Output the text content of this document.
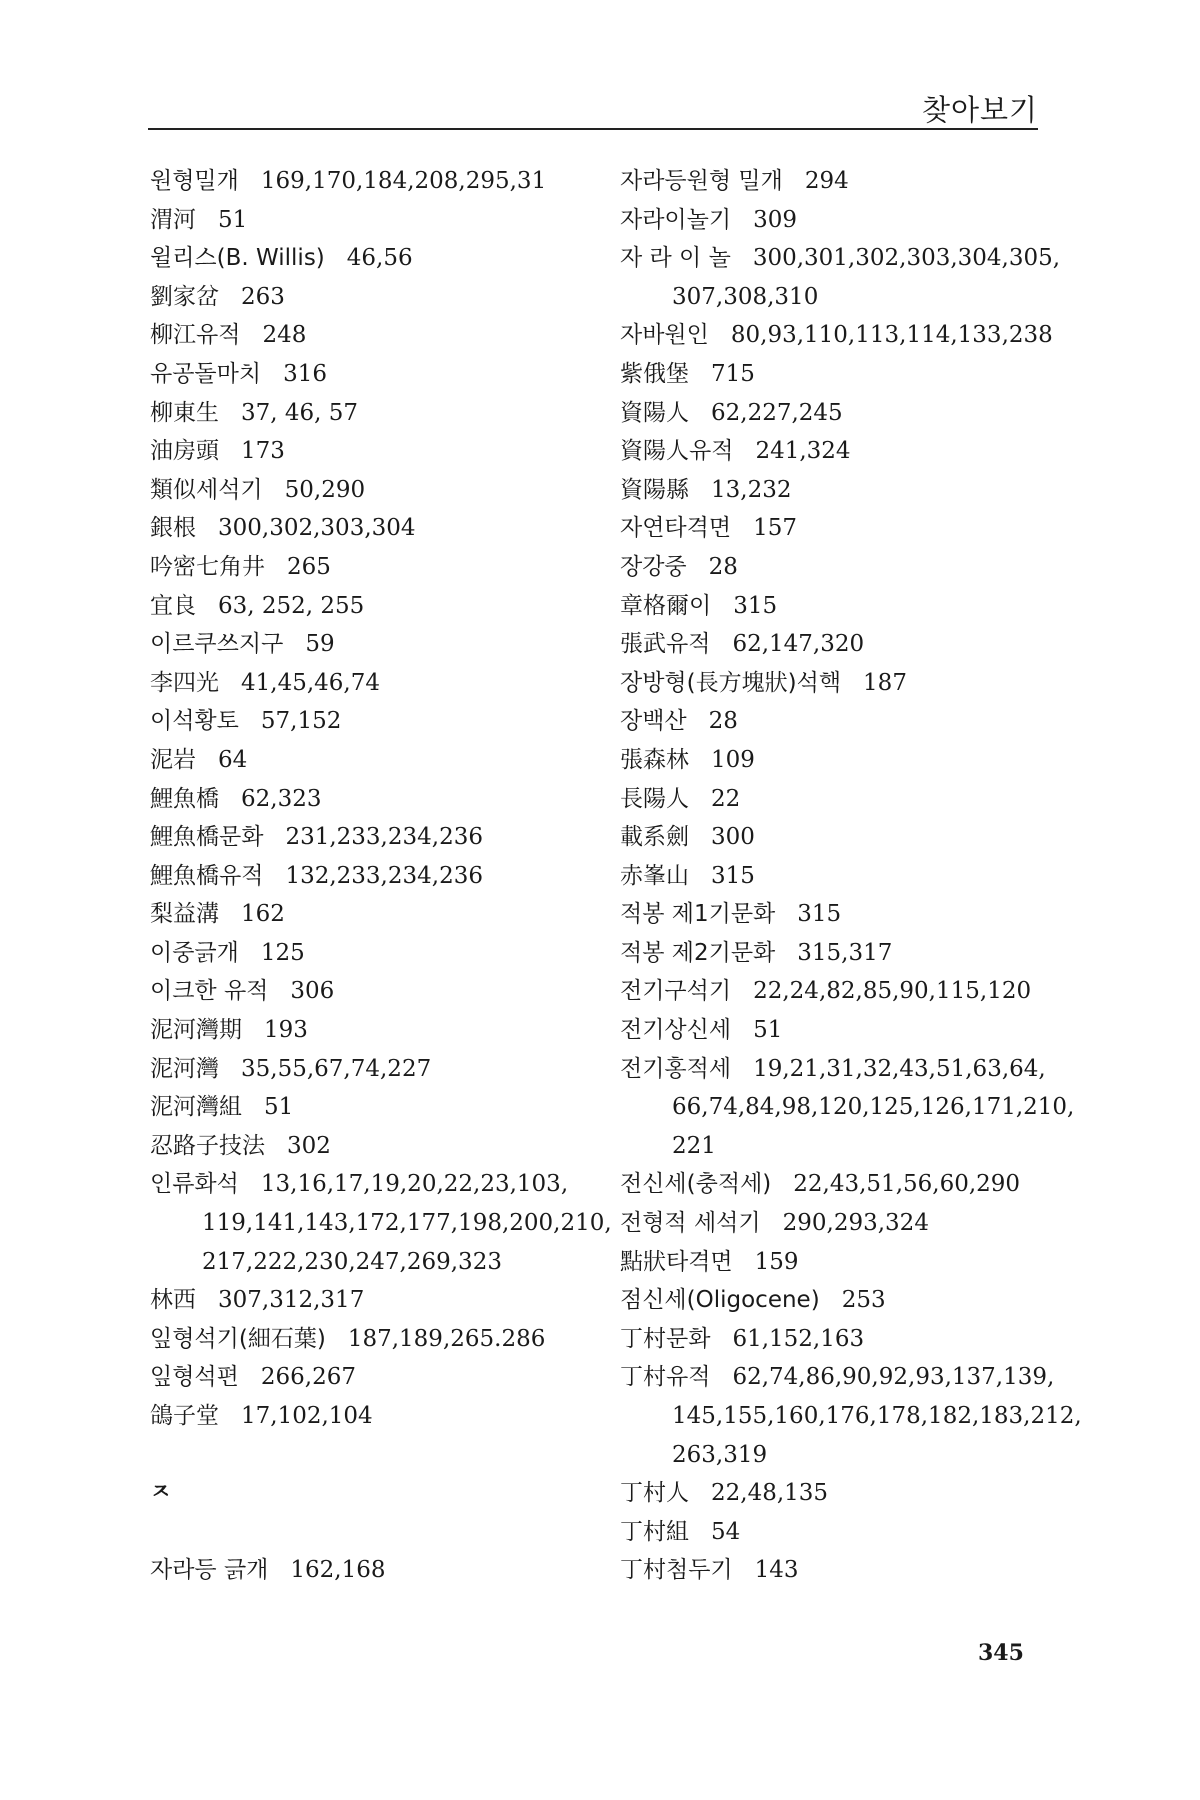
찾아보기
원형밀개 169,170,184,208,295,31
渭河 51
윌리스(B. Willis) 46,56
劉家岔 263
柳江유적 248
유공돌마치 316
柳東生 37, 46, 57
油房頭 173
類似세석기 50,290
銀根 300,302,303,304
吟密七角井 265
宜良 63, 252, 255
이르쿠쓰지구 59
李四光 41,45,46,74
이석황토 57,152
泥岩 64
鯉魚橋 62,323
鯉魚橋문화 231,233,234,236
鯉魚橋유적 132,233,234,236
梨益溝 162
이중긁개 125
이크한 유적 306
泥河灣期 193
泥河灣 35,55,67,74,227
泥河灣組 51
忍路子技法 302
인류화석 13,16,17,19,20,22,23,103,
119,141,143,172,177,198,200,210,
217,222,230,247,269,323
林西 307,312,317
잎형석기(細石葉) 187,189,265.286
잎형석편 266,267
鴿子堂 17,102,104
ㅈ
자라등 긁개 162,168
자라등원형 밀개 294
자라이놀기 309
자 라 이 놀 300,301,302,303,304,305,
307,308,310
자바원인 80,93,110,113,114,133,238
紫俄堡 715
資陽人 62,227,245
資陽人유적 241,324
資陽縣 13,232
자연타격면 157
장강중 28
章格爾이 315
張武유적 62,147,320
장방형(長方塊狀)석핵 187
장백산 28
張森林 109
長陽人 22
載系劍 300
赤峯山 315
적봉 제1기문화 315
적봉 제2기문화 315,317
전기구석기 22,24,82,85,90,115,120
전기상신세 51
전기홍적세 19,21,31,32,43,51,63,64,
66,74,84,98,120,125,126,171,210,
221
전신세(충적세) 22,43,51,56,60,290
전형적 세석기 290,293,324
點狀타격면 159
점신세(Oligocene) 253
丁村문화 61,152,163
丁村유적 62,74,86,90,92,93,137,139,
145,155,160,176,178,182,183,212,
263,319
丁村人 22,48,135
丁村組 54
丁村첨두기 143
345
